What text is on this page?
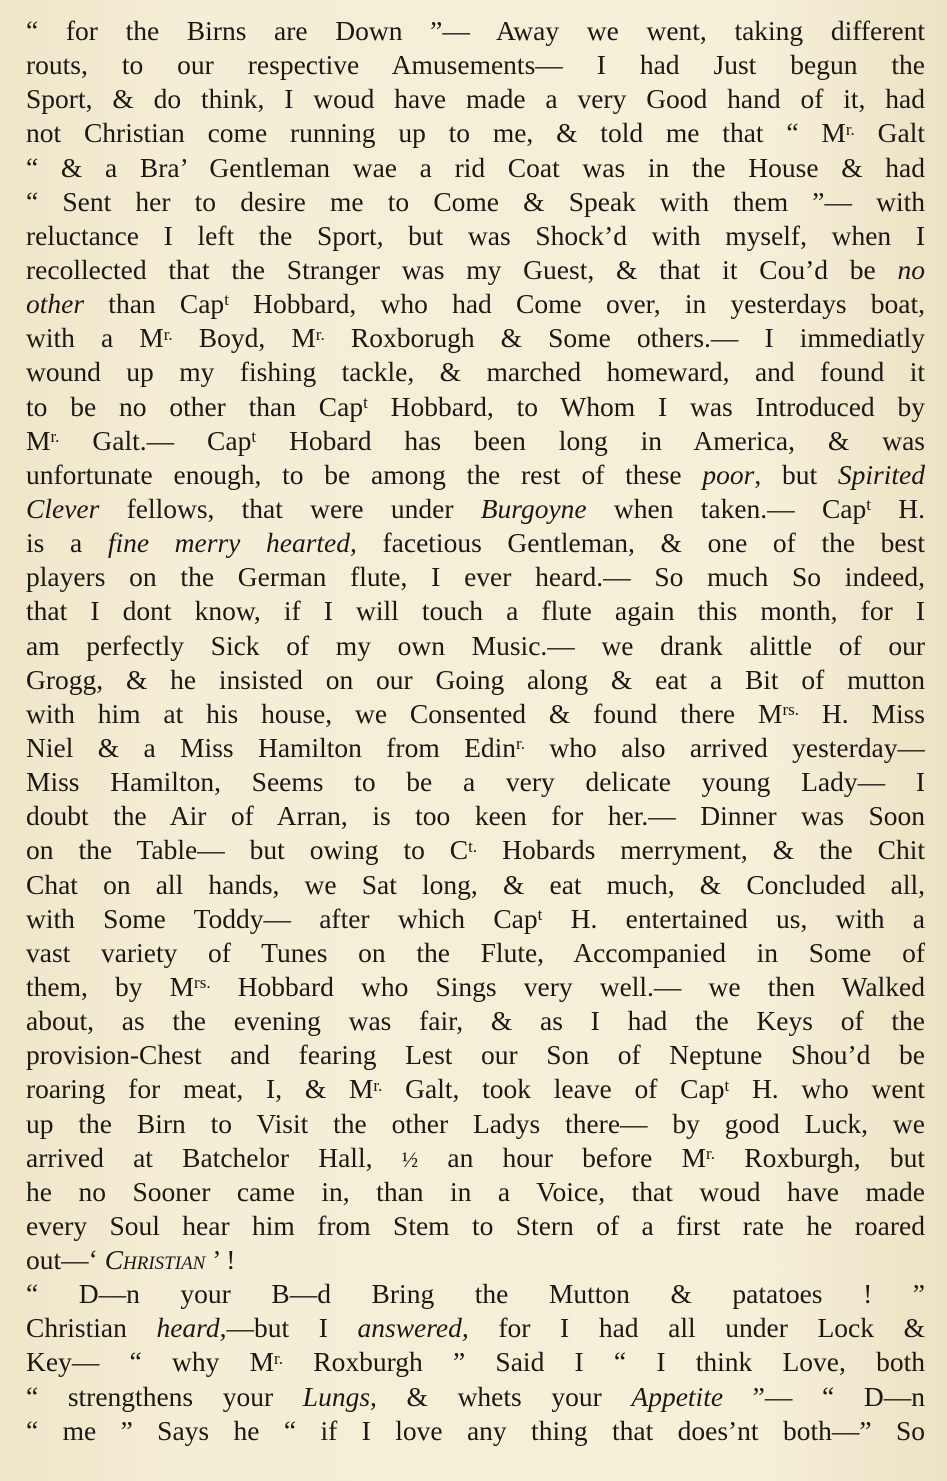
“ for the Birns are Down ”— Away we went, taking different
routs, to our respective Amusements— I had Just begun the
Sport, & do think, I woud have made a very Good hand of it, had
not Christian come running up to me, & told me that “ $M^{r.}$ Galt
“ & a Bra’ Gentleman wae a rid Coat was in the House & had
“ Sent her to desire me to Come & Speak with them ”— with
reluctance I left the Sport, but was Shock’d with myself, when I
recollected that the Stranger was my Guest, & that it Cou’d be no
other than Cap$^t$ Hobbard, who had Come over, in yesterdays boat,
with a $M^{r.}$ Boyd, $M^{r.}$ Roxborugh & Some others.— I immediatly
wound up my fishing tackle, & marched homeward, and found it
to be no other than Cap$^t$ Hobbard, to Whom I was Introduced by
$M^{r.}$ Galt.— Cap$^t$ Hobard has been long in America, & was
unfortunate enough, to be among the rest of these poor, but Spirited
Clever fellows, that were under Burgoyne when taken.— Cap$^t$ H.
is a fine merry hearted, facetious Gentleman, & one of the best
players on the German flute, I ever heard.— So much So indeed,
that I dont know, if I will touch a flute again this month, for I
am perfectly Sick of my own Music.— we drank alittle of our
Grogg, & he insisted on our Going along & eat a Bit of mutton
with him at his house, we Consented & found there $M^{rs.}$ H. Miss
Niel & a Miss Hamilton from Edin$^{r.}$ who also arrived yesterday—
Miss Hamilton, Seems to be a very delicate young Lady— I
doubt the Air of Arran, is too keen for her.— Dinner was Soon
on the Table— but owing to $C^{t.}$ Hobards merryment, & the Chit
Chat on all hands, we Sat long, & eat much, & Concluded all,
with Some Toddy— after which Cap$^t$ H. entertained us, with a
vast variety of Tunes on the Flute, Accompanied in Some of
them, by $M^{rs.}$ Hobbard who Sings very well.— we then Walked
about, as the evening was fair, & as I had the Keys of the
provision-Chest and fearing Lest our Son of Neptune Shou’d be
roaring for meat, I, & $M^{r.}$ Galt, took leave of Cap$^t$ H. who went
up the Birn to Visit the other Ladys there— by good Luck, we
arrived at Batchelor Hall, ½ an hour before $M^{r.}$ Roxburgh, but
he no Sooner came in, than in a Voice, that woud have made
every Soul hear him from Stem to Stern of a first rate he roared
out—‘ Christian ’ !
“ D—n your B—d Bring the Mutton & patatoes ! ”
Christian heard,—but I answered, for I had all under Lock &
Key— “ why $M^{r.}$ Roxburgh ” Said I “ I think Love, both
“ strengthens your Lungs, & whets your Appetite ”— “ D—n
“ me ” Says he “ if I love any thing that does’nt both—” So
